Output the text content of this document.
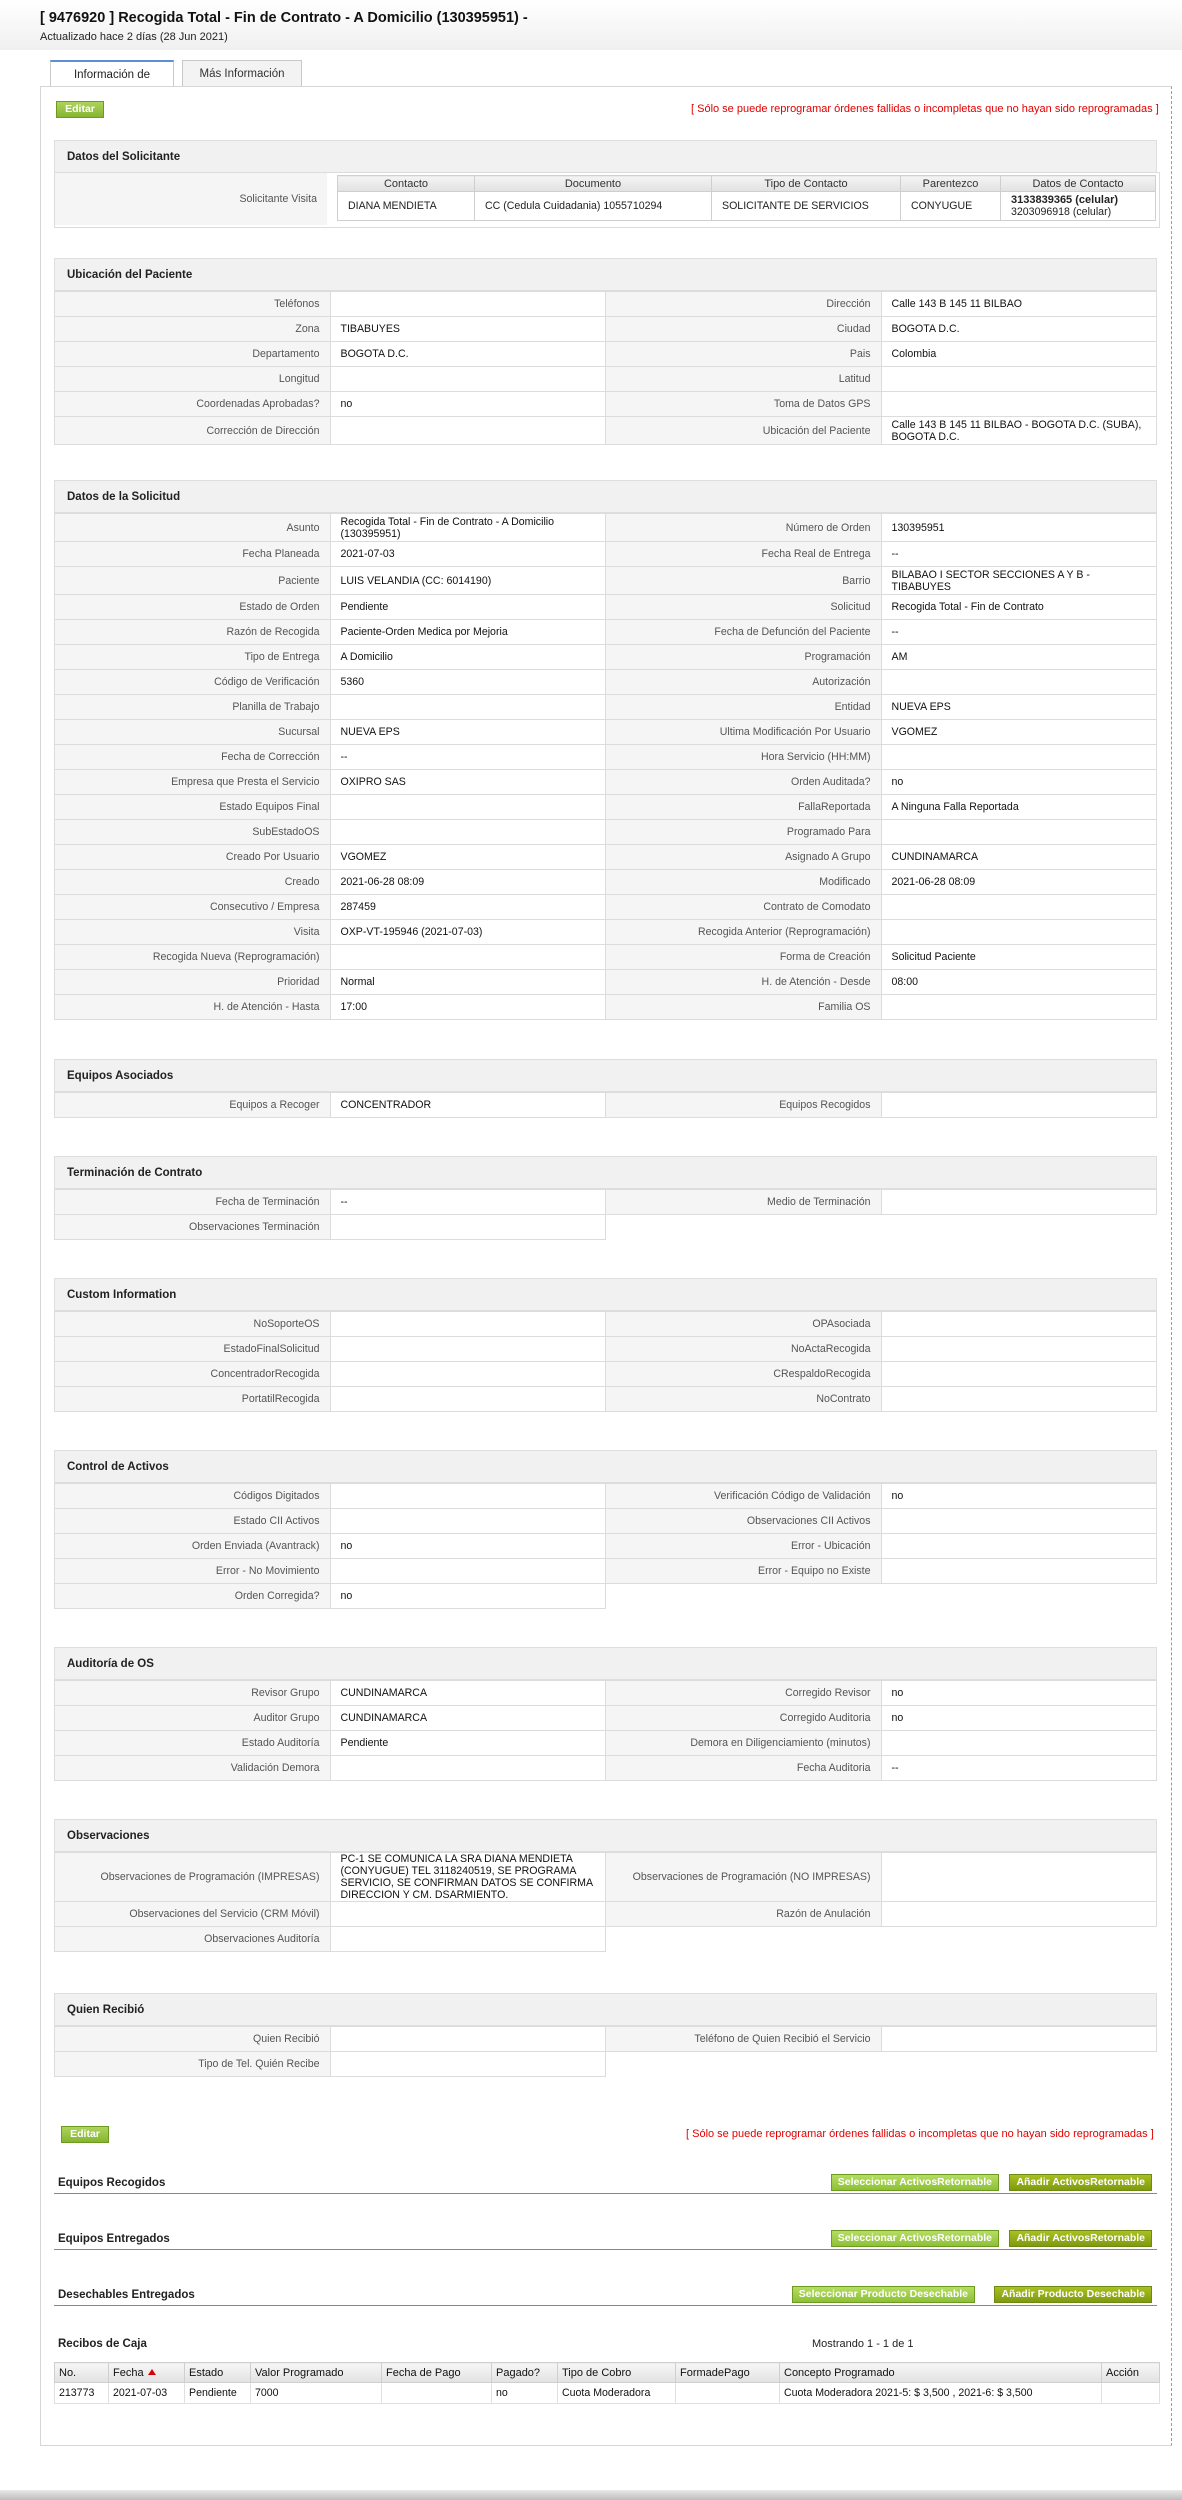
[ 9476920 ] Recogida Total - Fin de Contrato - A Domicilio (130395951) -
Actualizado hace 2 días (28 Jun 2021)
Información de	Más Información
Editar	[ Sólo se puede reprogramar órdenes fallidas o incompletas que no hayan sido reprogramadas ]
Datos del Solicitante
Solicitante Visita
Contacto	Documento	Tipo de Contacto	Parentezco	Datos de Contacto
DIANA MENDIETA	CC (Cedula Cuidadania) 1055710294	SOLICITANTE DE SERVICIOS	CONYUGUE	3133839365 (celular)
3203096918 (celular)
Ubicación del Paciente
Teléfonos		Dirección	Calle 143 B 145 11 BILBAO
Zona	TIBABUYES	Ciudad	BOGOTA D.C.
Departamento	BOGOTA D.C.	Pais	Colombia
Longitud		Latitud	
Coordenadas Aprobadas?	no	Toma de Datos GPS	
Corrección de Dirección		Ubicación del Paciente	Calle 143 B 145 11 BILBAO - BOGOTA D.C. (SUBA), BOGOTA D.C.
Datos de la Solicitud
Asunto	Recogida Total - Fin de Contrato - A Domicilio (130395951)	Número de Orden	130395951
Fecha Planeada	2021-07-03	Fecha Real de Entrega	--
Paciente	LUIS VELANDIA (CC: 6014190)	Barrio	BILABAO I SECTOR SECCIONES A Y B - TIBABUYES
Estado de Orden	Pendiente	Solicitud	Recogida Total - Fin de Contrato
Razón de Recogida	Paciente-Orden Medica por Mejoria	Fecha de Defunción del Paciente	--
Tipo de Entrega	A Domicilio	Programación	AM
Código de Verificación	5360	Autorización	
Planilla de Trabajo		Entidad	NUEVA EPS
Sucursal	NUEVA EPS	Ultima Modificación Por Usuario	VGOMEZ
Fecha de Corrección	--	Hora Servicio (HH:MM)	
Empresa que Presta el Servicio	OXIPRO SAS	Orden Auditada?	no
Estado Equipos Final		FallaReportada	A Ninguna Falla Reportada
SubEstadoOS		Programado Para	
Creado Por Usuario	VGOMEZ	Asignado A Grupo	CUNDINAMARCA
Creado	2021-06-28 08:09	Modificado	2021-06-28 08:09
Consecutivo / Empresa	287459	Contrato de Comodato	
Visita	OXP-VT-195946 (2021-07-03)	Recogida Anterior (Reprogramación)	
Recogida Nueva (Reprogramación)		Forma de Creación	Solicitud Paciente
Prioridad	Normal	H. de Atención - Desde	08:00
H. de Atención - Hasta	17:00	Familia OS	
Equipos Asociados
Equipos a Recoger	CONCENTRADOR	Equipos Recogidos	
Terminación de Contrato
Fecha de Terminación	--	Medio de Terminación	
Observaciones Terminación			
Custom Information
NoSoporteOS		OPAsociada	
EstadoFinalSolicitud		NoActaRecogida	
ConcentradorRecogida		CRespaldoRecogida	
PortatilRecogida		NoContrato	
Control de Activos
Códigos Digitados		Verificación Código de Validación	no
Estado CII Activos		Observaciones CII Activos	
Orden Enviada (Avantrack)	no	Error - Ubicación	
Error - No Movimiento		Error - Equipo no Existe	
Orden Corregida?	no		
Auditoría de OS
Revisor Grupo	CUNDINAMARCA	Corregido Revisor	no
Auditor Grupo	CUNDINAMARCA	Corregido Auditoria	no
Estado Auditoría	Pendiente	Demora en Diligenciamiento (minutos)	
Validación Demora		Fecha Auditoria	--
Observaciones
Observaciones de Programación (IMPRESAS)	PC-1 SE COMUNICA LA SRA DIANA MENDIETA (CONYUGUE) TEL 3118240519, SE PROGRAMA SERVICIO, SE CONFIRMAN DATOS SE CONFIRMA DIRECCION Y CM. DSARMIENTO.	Observaciones de Programación (NO IMPRESAS)	
Observaciones del Servicio (CRM Móvil)		Razón de Anulación	
Observaciones Auditoría			
Quien Recibió
Quien Recibió		Teléfono de Quien Recibió el Servicio	
Tipo de Tel. Quién Recibe			
Editar	[ Sólo se puede reprogramar órdenes fallidas o incompletas que no hayan sido reprogramadas ]
Equipos Recogidos	Seleccionar ActivosRetornable	Añadir ActivosRetornable
Equipos Entregados	Seleccionar ActivosRetornable	Añadir ActivosRetornable
Desechables Entregados	Seleccionar Producto Desechable	Añadir Producto Desechable
Recibos de Caja	Mostrando 1 - 1 de 1
No.	Fecha	Estado	Valor Programado	Fecha de Pago	Pagado?	Tipo de Cobro	FormadePago	Concepto Programado	Acción
213773	2021-07-03	Pendiente	7000		no	Cuota Moderadora		Cuota Moderadora 2021-5: $ 3,500 , 2021-6: $ 3,500	
